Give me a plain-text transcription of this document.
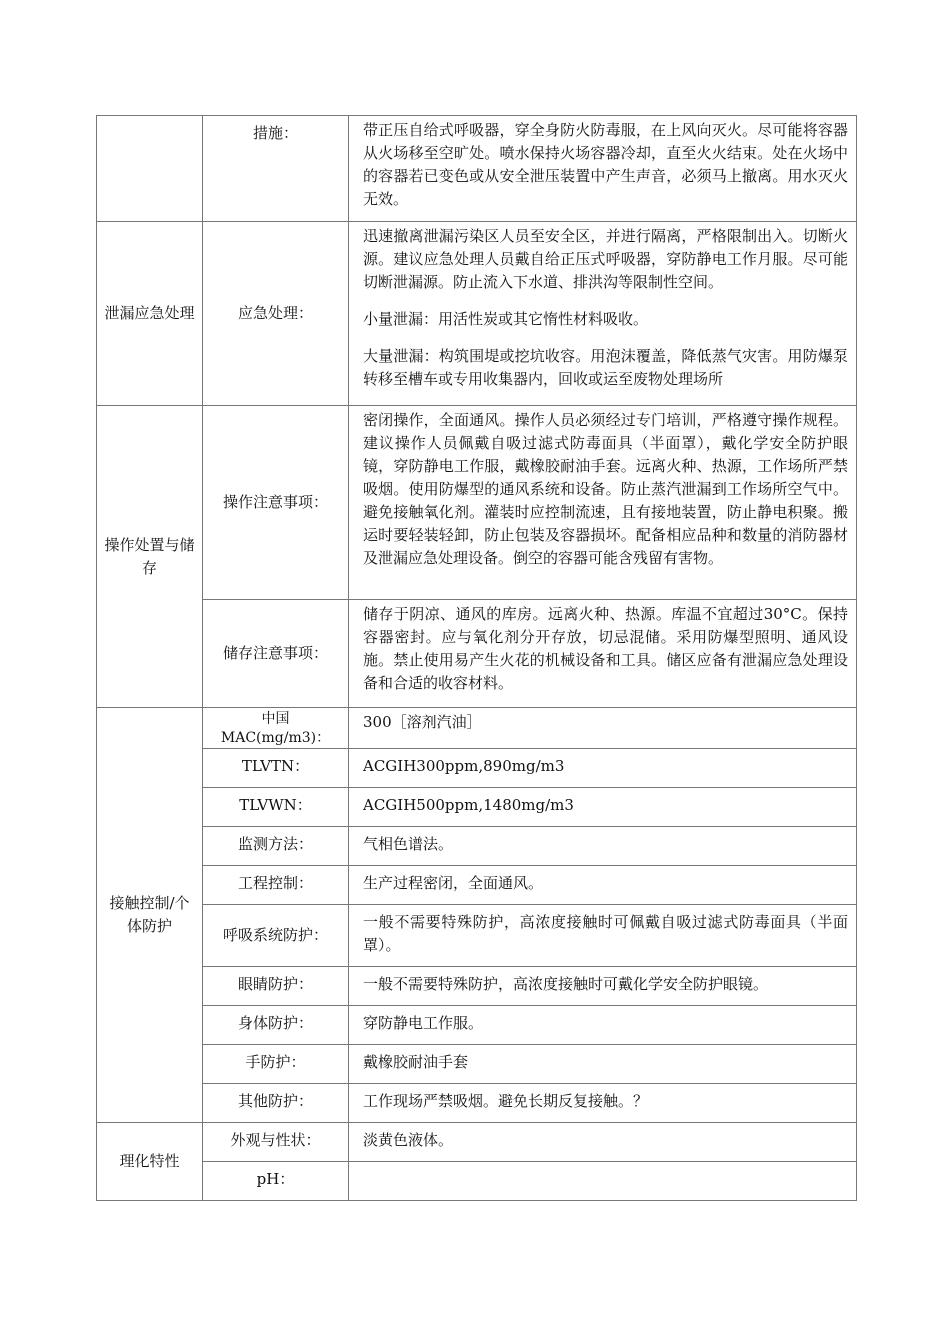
	措施：	带正压自给式呼吸器，穿全身防火防毒服，在上风向灭火。尽可能将容器从火场移至空旷处。喷水保持火场容器冷却，直至火火结束。处在火场中的容器若已变色或从安全泄压装置中产生声音，必须马上撤离。用水灭火无效。

泄漏应急处理	应急处理：	迅速撤离泄漏污染区人员至安全区，并进行隔离，严格限制出入。切断火源。建议应急处理人员戴自给正压式呼吸器，穿防静电工作月服。尽可能切断泄漏源。防止流入下水道、排洪沟等限制性空间。

小量泄漏：用活性炭或其它惰性材料吸收。

大量泄漏：构筑围堤或挖坑收容。用泡沫覆盖，降低蒸气灾害。用防爆泵转移至槽车或专用收集器内，回收或运至废物处理场所

操作处置与储存	操作注意事项：	密闭操作，全面通风。操作人员必须经过专门培训，严格遵守操作规程。建议操作人员佩戴自吸过滤式防毒面具（半面罩），戴化学安全防护眼镜，穿防静电工作服，戴橡胶耐油手套。远离火种、热源，工作场所严禁吸烟。使用防爆型的通风系统和设备。防止蒸汽泄漏到工作场所空气中。避免接触氧化剂。灌装时应控制流速，且有接地装置，防止静电积聚。搬运时要轻装轻卸，防止包装及容器损坏。配备相应品种和数量的消防器材及泄漏应急处理设备。倒空的容器可能含残留有害物。

	储存注意事项：	储存于阴凉、通风的库房。远离火种、热源。库温不宜超过30°C。保持容器密封。应与氧化剂分开存放，切忌混储。采用防爆型照明、通风设施。禁止使用易产生火花的机械设备和工具。储区应备有泄漏应急处理设备和合适的收容材料。

接触控制/个体防护	中国MAC(mg/m3)：	300［溶剂汽油］

	TLVTN：	ACGIH300ppm,890mg/m3

	TLVWN：	ACGIH500ppm,1480mg/m3

	监测方法：	气相色谱法。

	工程控制：	生产过程密闭，全面通风。

	呼吸系统防护：	一般不需要特殊防护，高浓度接触时可佩戴自吸过滤式防毒面具（半面罩）。

	眼睛防护：	一般不需要特殊防护，高浓度接触时可戴化学安全防护眼镜。

	身体防护：	穿防静电工作服。

	手防护：	戴橡胶耐油手套

	其他防护：	工作现场严禁吸烟。避免长期反复接触。？

理化特性	外观与性状：	淡黄色液体。

	pH：	
